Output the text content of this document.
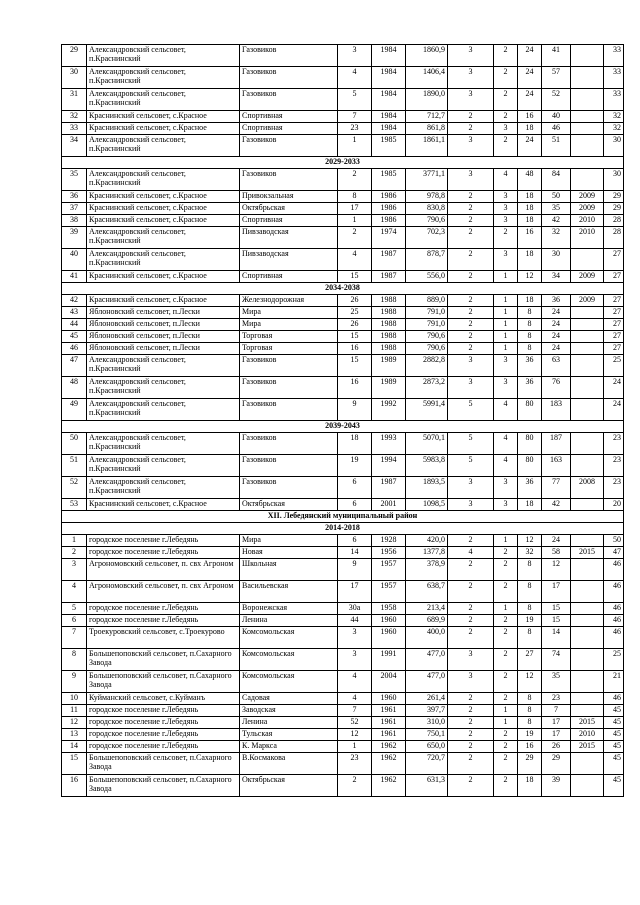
29	Александровский сельсовет, п.Краснинский	Газовиков	3	1984	1860,9	3	2	24	41		33
30	Александровский сельсовет, п.Краснинский	Газовиков	4	1984	1406,4	3	2	24	57		33
31	Александровский сельсовет, п.Краснинский	Газовиков	5	1984	1890,0	3	2	24	52		33
32	Краснинский сельсовет, с.Красное	Спортивная	7	1984	712,7	2	2	16	40		32
33	Краснинский сельсовет, с.Красное	Спортивная	23	1984	861,8	2	3	18	46		32
34	Александровский сельсовет, п.Краснинский	Газовиков	1	1985	1861,1	3	2	24	51		30
2029-2033											
35	Александровский сельсовет, п.Краснинский	Газовиков	2	1985	3771,1	3	4	48	84		30
36	Краснинский сельсовет, с.Красное	Привокзальная	8	1986	978,8	2	3	18	50	2009	29
37	Краснинский сельсовет, с.Красное	Октябрьская	17	1986	830,8	2	3	18	35	2009	29
38	Краснинский сельсовет, с.Красное	Спортивная	1	1986	790,6	2	3	18	42	2010	28
39	Александровский сельсовет, п.Краснинский	Пивзаводская	2	1974	702,3	2	2	16	32	2010	28
40	Александровский сельсовет, п.Краснинский	Пивзаводская	4	1987	878,7	2	3	18	30		27
41	Краснинский сельсовет, с.Красное	Спортивная	15	1987	556,0	2	1	12	34	2009	27
2034-2038											
42	Краснинский сельсовет, с.Красное	Железнодорожная	26	1988	889,0	2	1	18	36	2009	27
43	Яблоновский сельсовет, п.Лески	Мира	25	1988	791,0	2	1	8	24		27
44	Яблоновский сельсовет, п.Лески	Мира	26	1988	791,0	2	1	8	24		27
45	Яблоновский сельсовет, п.Лески	Торговая	15	1988	790,6	2	1	8	24		27
46	Яблоновский сельсовет, п.Лески	Торговая	16	1988	790,6	2	1	8	24		27
47	Александровский сельсовет, п.Краснинский	Газовиков	15	1989	2882,8	3	3	36	63		25
48	Александровский сельсовет, п.Краснинский	Газовиков	16	1989	2873,2	3	3	36	76		24
49	Александровский сельсовет, п.Краснинский	Газовиков	9	1992	5991,4	5	4	80	183		24
2039-2043											
50	Александровский сельсовет, п.Краснинский	Газовиков	18	1993	5070,1	5	4	80	187		23
51	Александровский сельсовет, п.Краснинский	Газовиков	19	1994	5983,8	5	4	80	163		23
52	Александровский сельсовет, п.Краснинский	Газовиков	6	1987	1893,5	3	3	36	77	2008	23
53	Краснинский сельсовет, с.Красное	Октябрьская	6	2001	1098,5	3	3	18	42		20
XII. Лебедянский муниципальный район											
2014-2018											
1	городское поселение г.Лебедянь	Мира	6	1928	420,0	2	1	12	24		50
2	городское поселение г.Лебедянь	Новая	14	1956	1377,8	4	2	32	58	2015	47
3	Агрономовский сельсовет, п. свх Агроном	Школьная	9	1957	378,9	2	2	8	12		46
4	Агрономовский сельсовет, п. свх Агроном	Васильевская	17	1957	638,7	2	2	8	17		46
5	городское поселение г.Лебедянь	Воронежская	30а	1958	213,4	2	1	8	15		46
6	городское поселение г.Лебедянь	Ленина	44	1960	689,9	2	2	19	15		46
7	Троекуровский сельсовет, с.Троекурово	Комсомольская	3	1960	400,0	2	2	8	14		46
8	Большепоповский сельсовет, п.Сахарного Завода	Комсомольская	3	1991	477,0	3	2	27	74		25
9	Большепоповский сельсовет, п.Сахарного Завода	Комсомольская	4	2004	477,0	3	2	12	35		21
10	Куйманский сельсовет, с.Куйманъ	Садовая	4	1960	261,4	2	2	8	23		46
11	городское поселение г.Лебедянь	Заводская	7	1961	397,7	2	1	8	7		45
12	городское поселение г.Лебедянь	Ленина	52	1961	310,0	2	1	8	17	2015	45
13	городское поселение г.Лебедянь	Тульская	12	1961	750,1	2	2	19	17	2010	45
14	городское поселение г.Лебедянь	К. Маркса	1	1962	650,0	2	2	16	26	2015	45
15	Большепоповский сельсовет, п.Сахарного Завода	В.Космакова	23	1962	720,7	2	2	29	29		45
16	Большепоповский сельсовет, п.Сахарного Завода	Октябрьская	2	1962	631,3	2	2	18	39		45
